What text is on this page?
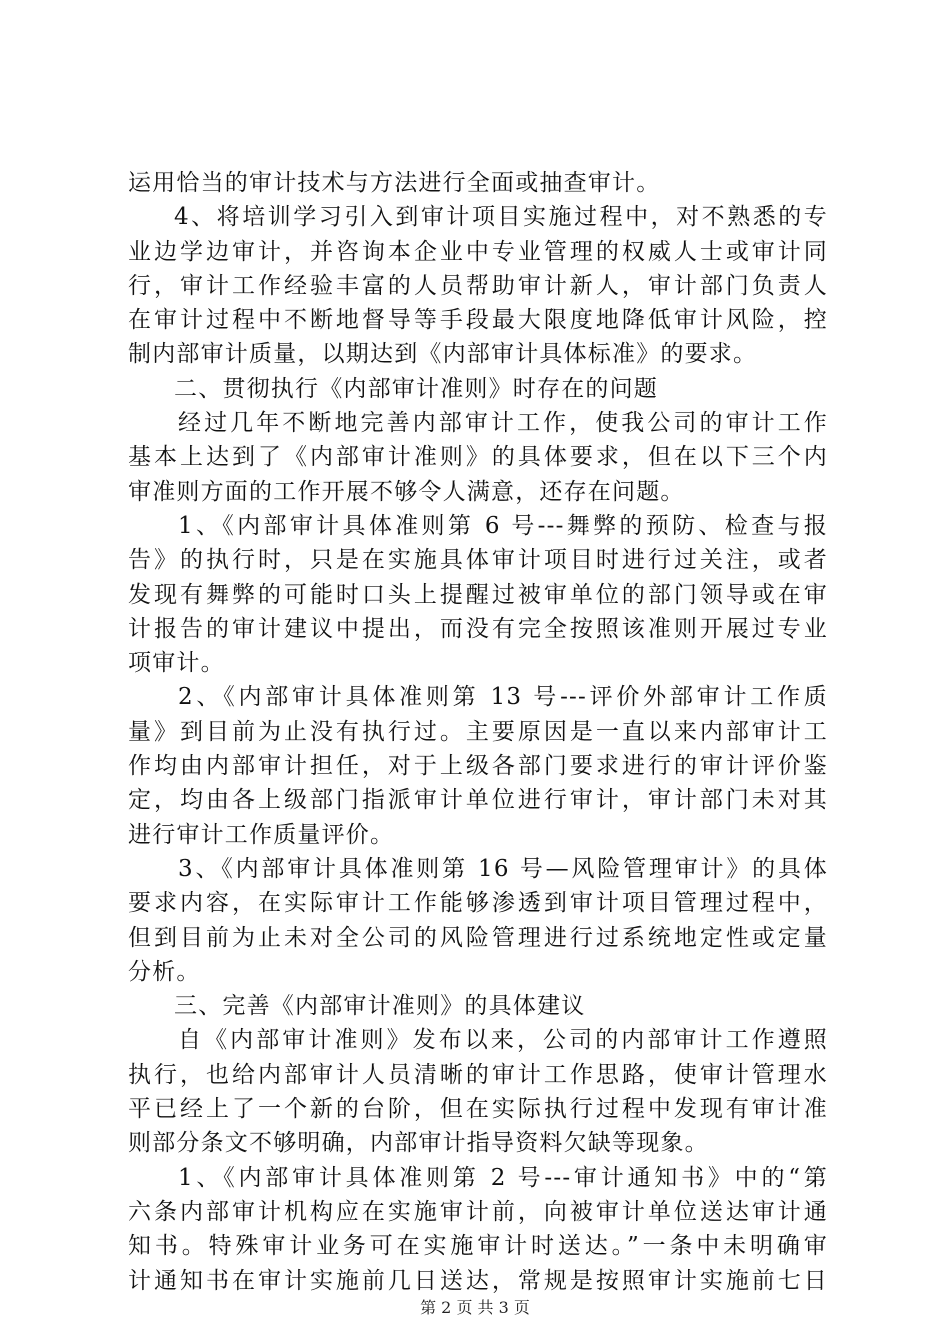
运用恰当的审计技术与方法进行全面或抽查审计。
4、将培训学习引入到审计项目实施过程中，对不熟悉的专
业边学边审计，并咨询本企业中专业管理的权威人士或审计同
行，审计工作经验丰富的人员帮助审计新人，审计部门负责人
在审计过程中不断地督导等手段最大限度地降低审计风险，控
制内部审计质量，以期达到《内部审计具体标准》的要求。
二、贯彻执行《内部审计准则》时存在的问题
经过几年不断地完善内部审计工作，使我公司的审计工作
基本上达到了《内部审计准则》的具体要求，但在以下三个内
审准则方面的工作开展不够令人满意，还存在问题。
1、《内部审计具体准则第 6 号---舞弊的预防、检查与报
告》的执行时，只是在实施具体审计项目时进行过关注，或者
发现有舞弊的可能时口头上提醒过被审单位的部门领导或在审
计报告的审计建议中提出，而没有完全按照该准则开展过专业
项审计。
2、《内部审计具体准则第 13 号---评价外部审计工作质
量》到目前为止没有执行过。主要原因是一直以来内部审计工
作均由内部审计担任，对于上级各部门要求进行的审计评价鉴
定，均由各上级部门指派审计单位进行审计，审计部门未对其
进行审计工作质量评价。
3、《内部审计具体准则第 16 号—风险管理审计》的具体
要求内容，在实际审计工作能够渗透到审计项目管理过程中，
但到目前为止未对全公司的风险管理进行过系统地定性或定量
分析。
三、完善《内部审计准则》的具体建议
自《内部审计准则》发布以来，公司的内部审计工作遵照
执行，也给内部审计人员清晰的审计工作思路，使审计管理水
平已经上了一个新的台阶，但在实际执行过程中发现有审计准
则部分条文不够明确，内部审计指导资料欠缺等现象。
1、《内部审计具体准则第 2 号---审计通知书》中的“第
六条内部审计机构应在实施审计前，向被审计单位送达审计通
知书。特殊审计业务可在实施审计时送达。”一条中未明确审
计通知书在审计实施前几日送达，常规是按照审计实施前七日
第 2 页 共 3 页
